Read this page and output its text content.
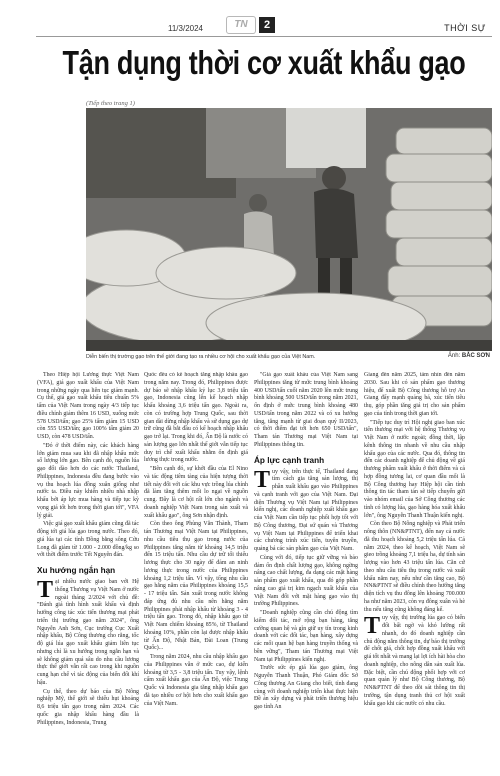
11/3/2024	TN	2	THỜI SỰ
Tận dụng thời cơ xuất khẩu gạo
(Tiếp theo trang 1)
Diễn biến thị trường gạo trên thế giới đang tạo ra nhiều cơ hội cho xuất khẩu gạo của Việt Nam.	Ảnh: BẮC SƠN

Theo Hiệp hội Lương thực Việt Nam (VFA), giá gạo xuất khẩu của Việt Nam trong những ngày qua liên tục giảm mạnh. Cụ thể, giá gạo xuất khẩu tiêu chuẩn 5% tấm của Việt Nam trong ngày 4/3 tiếp tục điều chỉnh giảm thêm 16 USD, xuống mức 578 USD/tấn; gạo 25% tấm giảm 15 USD còn 555 USD/tấn; gạo 100% tấm giảm 20 USD, còn 478 USD/tấn.

"Đó ở thời điểm này, các khách hàng lớn giảm mua sau khi đã nhập khẩu mức số lượng lớn gạo. Bên cạnh đó, nguồn lúa gạo đổi dào hơn do các nước Thailand, Philippines, Indonesia đều đang bước vào vụ thu hoạch lúa đồng xuân giống như nước ta. Điều này khiến nhiều nhà nhập khẩu bởi áp lực mua hàng và tiếp tục kỳ vọng giá tốt hơn trong thời gian tới", VFA lý giải.

Việc giá gạo xuất khẩu giảm cũng đã tác động tới giá lúa gạo trong nước. Theo đó, giá lúa tại các tỉnh Đồng bằng sông Cửu Long đã giảm từ 1.000 - 2.000 đồng/kg so với thời điểm trước Tết Nguyên đán.

Xu hướng ngắn hạn

Tại nhiều nước giao ban với Hệ thống Thương vụ Việt Nam ở nước ngoài tháng 2/2024 với chủ đề: "Đánh giá tình hình xuất khẩu và định hướng công tác xúc tiến thương mại phát triển thị trường gạo năm 2024", ông Nguyễn Anh Sơn, Cục trưởng Cục Xuất nhập khẩu, Bộ Công thương cho rằng, tốc độ giá lúa gạo xuất khẩu giảm liên tục nhưng chỉ là xu hướng trong ngắn hạn và sẽ không giảm quá sâu do nhu cầu lương thực thế giới vẫn rất cao trong khi nguồn cung hạn chế vì tác động của biến đổi khí hậu.

Cụ thể, theo dự báo của Bộ Nông nghiệp Mỹ, thế giới sẽ thiếu hụt khoảng 8,6 triệu tấn gạo trong năm 2024. Các quốc gia nhập khẩu hàng đầu là Philippines, Indonesia, Trung

Quốc đều có kế hoạch tăng nhập khẩu gạo trong năm nay. Trong đó, Philippines được dự báo sẽ nhập khẩu kỷ lục 3,8 triệu tấn gạo, Indonesia cũng lên kế hoạch nhập khẩu khoảng 3,6 triệu tấn gạo. Ngoài ra, còn có trường hợp Trung Quốc, sau thời gian dài dừng nhập khẩu và sử dụng gạo dự trữ cũng đã bắt đầu có kế hoạch nhập khẩu gạo trở lại. Trong khi đó, Ấn Độ là nước có sản lượng gạo lớn nhất thế giới vẫn tiếp tục duy trì chế xuất khẩu nhằm ổn định giá lương thực trong nước.

"Bên cạnh đó, sự khởi đầu của El Nino và tác động tiêm tàng của hiện tượng thời tiết này đối với các khu vực trồng lúa chính đã làm tăng thêm mối lo ngại về nguồn cung. Đây là cơ hội rất lớn cho ngành và doanh nghiệp Việt Nam trong sản xuất và xuất khẩu gạo", ông Sơn nhận định.

Còn theo ông Phùng Văn Thành, Tham tán Thương mại Việt Nam tại Philippines, nhu cầu tiêu thụ gạo trong nước của Philippines tăng năm từ khoảng 14,5 triệu đến 15 triệu tấn. Nhu cầu dự trữ tối thiểu lương thực cho 30 ngày để đảm an ninh lương thực trong nước của Philippines khoảng 1,2 triệu tấn. Vì vậy, tổng nhu cầu gạo hằng năm của Philippines khoảng 15,5 - 17 triệu tấn. Sản xuất trong nước không đáp ứng đủ nhu cầu nên hằng năm Philippines phải nhập khẩu từ khoảng 3 - 4 triệu tấn gạo. Trong đó, nhập khẩu gạo từ Việt Nam chiếm khoảng 85%, từ Thailand khoảng 10%, phần còn lại được nhập khẩu từ Ấn Độ, Nhật Bản, Đài Loan (Trung Quốc)...

Trong năm 2024, nhu cầu nhập khẩu gạo của Philippines vẫn ở mức cao, dự kiến khoảng từ 3,5 - 3,8 triệu tấn. Tuy vậy, lệnh cấm xuất khẩu gạo của Ấn Độ, việc Trung Quốc và Indonesia gia tăng nhập khẩu gạo đã tạo nhiều cơ hội hơn cho xuất khẩu gạo của Việt Nam.

"Giá gạo xuất khẩu của Việt Nam sang Philippines tăng từ mức trung bình khoảng 400 USD/tấn cuối năm 2020 lên mức trung bình khoảng 500 USD/tấn trong năm 2021, ổn định ở mức trung bình khoảng 480 USD/tấn trong năm 2022 và có xu hướng tăng, tăng mạnh từ giai đoạn quý II/2023, có thời điểm đạt tới hơn 650 USD/tấn", Tham tán Thương mại Việt Nam tại Philippines thông tin.

Áp lực cạnh tranh

Tuy vậy, trên thực tế, Thailand đang tìm cách gia tăng sản lượng, thị phần xuất khẩu gạo vào Philippines và cạnh tranh với gạo của Việt Nam. Đại diện Thương vụ Việt Nam tại Philippines kiến nghị, các doanh nghiệp xuất khẩu gạo của Việt Nam cần tiếp tục phối hợp tốt với Bộ Công thương, Đại sứ quán và Thương vụ Việt Nam tại Philippines để triển khai các chương trình xúc tiến, tuyên truyền, quảng bá các sản phẩm gạo của Việt Nam.

Cùng với đó, tiếp tục giữ vững và bảo đảm ổn định chất lượng gạo, không ngừng nâng cao chất lượng, đa dạng các mặt hàng sản phẩm gạo xuất khẩu, qua đó góp phần nâng cao giá trị kim ngạch xuất khẩu của Việt Nam đối với mặt hàng gạo vào thị trường Philippines.

"Doanh nghiệp cũng cần chú động tìm kiếm đối tác, mở rộng bạn hàng, tăng cường quan hệ và gìn giữ uy tín trong kinh doanh với các đối tác, bạn hàng, xây dựng các mối quan hệ bạn hàng truyền thống và bền vững", Tham tán Thương mại Việt Nam tại Philippines kiến nghị.

Trước sức ép giá lúa gạo giảm, ông Nguyễn Thanh Thuận, Phó Giám đốc Sở Công thương An Giang cho biết, tỉnh đang cùng với doanh nghiệp triển khai thực hiện Đề án xây dựng và phát triển thương hiệu gạo tỉnh An

Giang đến năm 2025, tầm nhìn đến năm 2030. Sau khi có sản phẩm gạo thương hiệu, để xuất Bộ Công thương hỗ trợ An Giang đẩy mạnh quảng bá, xúc tiến tiêu thụ, góp phần tăng giá trị cho sản phẩm gạo của tỉnh trong thời gian tới.

"Tiếp tục duy trì Hội nghị giao ban xúc tiến thương mại với hệ thống Thương vụ Việt Nam ở nước ngoài; đồng thời, lập kênh thông tin nhanh về nhu cầu nhập khẩu gạo của các nước. Qua đó, thông tin đến các doanh nghiệp để chủ động về giá thương phẩm xuất khẩu ở thời điểm và cả hợp đồng tương lai, cơ quan đầu mối là Bộ Công thương hay Hiệp hội cần tính thông tin tác tham tán sẽ tiếp chuyển gửi vào nhóm email của Sở Công thương các tỉnh có lượng lúa, gạo hàng hóa xuất khẩu lớn", ông Nguyễn Thanh Thuận kiến nghị.

Còn theo Bộ Nông nghiệp và Phát triển nông thôn (NN&PTNT), đến nay cả nước đã thu hoạch khoảng 5,2 triệu tấn lúa. Cả năm 2024, theo kế hoạch, Việt Nam sẽ gieo trồng khoảng 7,1 triệu ha, dự tính sản lượng vào hơn 43 triệu tấn lúa. Căn cứ theo nhu cầu tiêu thụ trong nước và xuất khẩu năm nay, nếu như cần tăng cao, Bộ NN&PTNT sẽ điều chỉnh theo hướng tăng diện tích vụ thu đông lên khoảng 700.000 ha như năm 2023, còn vụ đông xuân và hè thu nếu tăng cũng không đáng kể.

Tuy vậy, thị trường lúa gạo có biến đổi bất ngờ và khó lường rất nhanh, do đó doanh nghiệp cần chủ động nắm thông tin, dự báo thị trường để chốt giá, chốt hợp đồng xuất khẩu với giá tốt nhất và mang lại lợi ích hài hòa cho doanh nghiệp, cho nông dân sản xuất lúa. Đặc biệt, cần chú động phối hợp với cơ quan quản lý như Bộ Công thương, Bộ NN&PTNT để theo dõi sát thông tin thị trường, tận dụng tranh thủ cơ hội xuất khẩu gạo khi các nước có nhu cầu.
